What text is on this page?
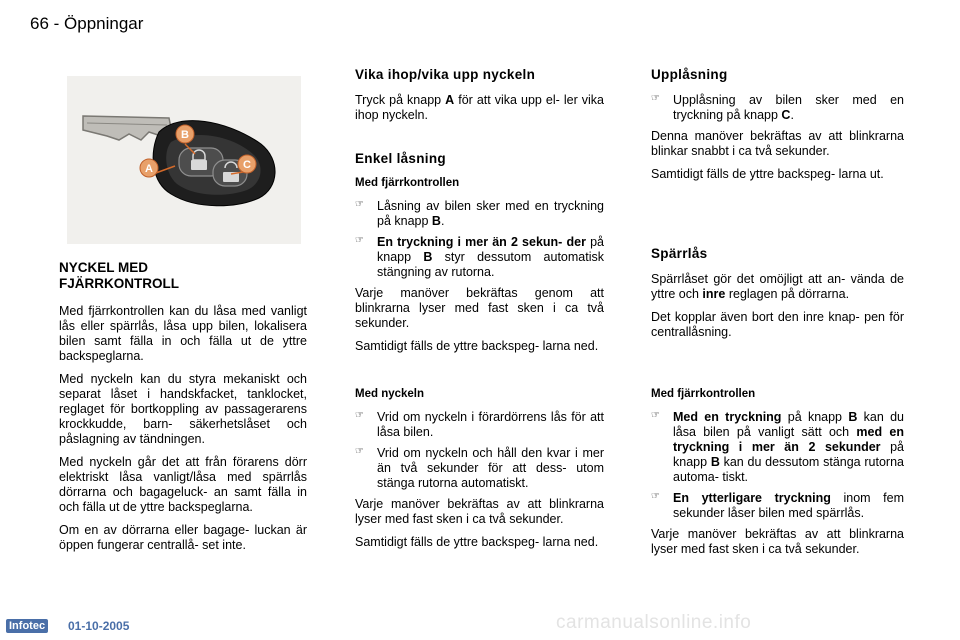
66 - Öppningar
B
A	C
NYCKEL MED FJÄRRKONTROLL

Med fjärrkontrollen kan du låsa med vanligt lås eller spärrlås, låsa upp bilen, lokalisera bilen samt fälla in och fälla ut de yttre backspeglarna.

Med nyckeln kan du styra mekaniskt och separat låset i handskfacket, tanklocket, reglaget för bortkoppling av passagerarens krockkudde, barn- säkerhetslåset och påslagning av tändningen.

Med nyckeln går det att från förarens dörr elektriskt låsa vanligt/låsa med spärrlås dörrarna och bagageluck- an samt fälla in och fälla ut de yttre backspeglarna.

Om en av dörrarna eller bagage- luckan är öppen fungerar centrallå- set inte.

Vika ihop/vika upp nyckeln

Tryck på knapp A för att vika upp el- ler vika ihop nyckeln.

Enkel låsning
Med fjärrkontrollen
☞ Låsning av bilen sker med en tryckning på knapp B.
☞ En tryckning i mer än 2 sekun- der på knapp B styr dessutom automatisk stängning av rutorna.

Varje manöver bekräftas genom att blinkrarna lyser med fast sken i ca två sekunder.

Samtidigt fälls de yttre backspeg- larna ned.

Med nyckeln
☞ Vrid om nyckeln i förardörrens lås för att låsa bilen.
☞ Vrid om nyckeln och håll den kvar i mer än två sekunder för att dess- utom stänga rutorna automatiskt.

Varje manöver bekräftas av att blinkrarna lyser med fast sken i ca två sekunder.

Samtidigt fälls de yttre backspeg- larna ned.

Upplåsning
☞ Upplåsning av bilen sker med en tryckning på knapp C.

Denna manöver bekräftas av att blinkrarna blinkar snabbt i ca två sekunder.

Samtidigt fälls de yttre backspeg- larna ut.

Spärrlås

Spärrlåset gör det omöjligt att an- vända de yttre och inre reglagen på dörrarna.

Det kopplar även bort den inre knap- pen för centrallåsning.

Med fjärrkontrollen
☞ Med en tryckning på knapp B kan du låsa bilen på vanligt sätt och med en tryckning i mer än 2 sekunder på knapp B kan du dessutom stänga rutorna automa- tiskt.
☞ En ytterligare tryckning inom fem sekunder låser bilen med spärrlås.

Varje manöver bekräftas av att blinkrarna lyser med fast sken i ca två sekunder.

Infotec 01-10-2005	carmanualsonline.info
